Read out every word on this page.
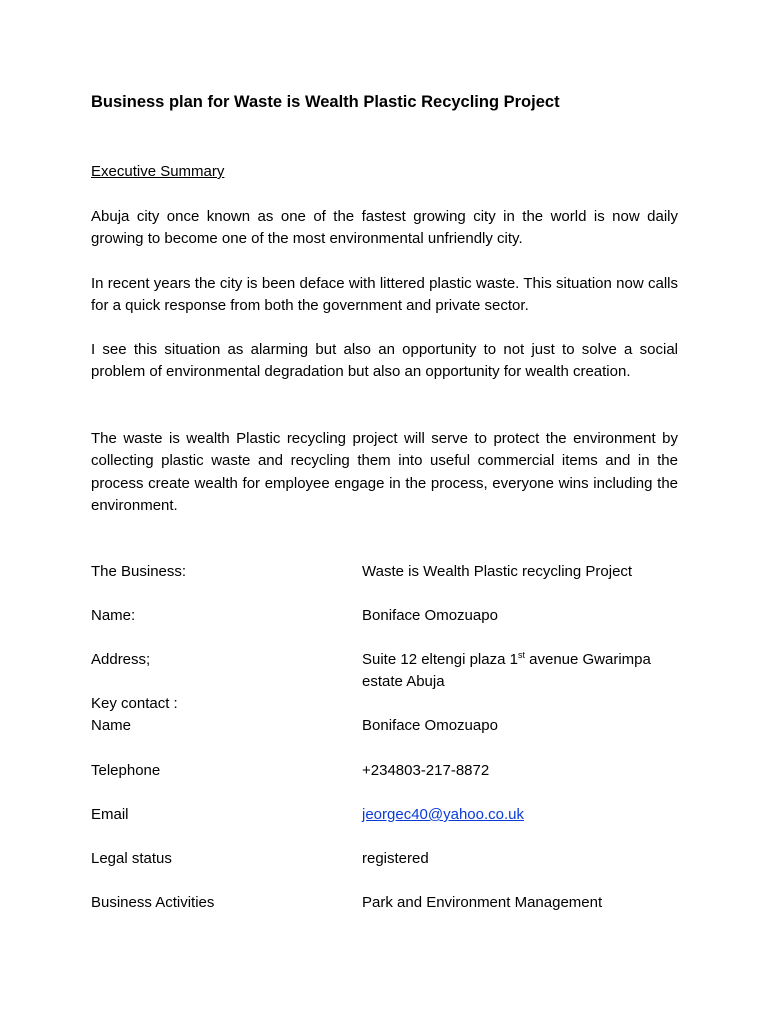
Business plan for Waste is Wealth Plastic Recycling Project
Executive Summary

Abuja city once known as one of the fastest growing city in the world is now daily growing to become one of the most environmental unfriendly city.

In recent years the city is been deface with littered plastic waste. This situation now calls for a quick response from both the government and private sector.

I see this situation as alarming but also an opportunity to not just to solve a social problem of environmental degradation but also an opportunity for wealth creation.

The waste is wealth Plastic recycling project will serve to protect the environment by collecting plastic waste and recycling them into useful commercial items and in the process create wealth for employee engage in the process, everyone wins including the environment.

The Business:	Waste is Wealth Plastic recycling Project
Name:	Boniface Omozuapo
Address;	Suite 12 eltengi plaza 1st avenue Gwarimpa estate Abuja
Key contact :
Name	Boniface Omozuapo
Telephone	+234803-217-8872
Email	jeorgec40@yahoo.co.uk
Legal status	registered
Business Activities	Park and Environment Management
